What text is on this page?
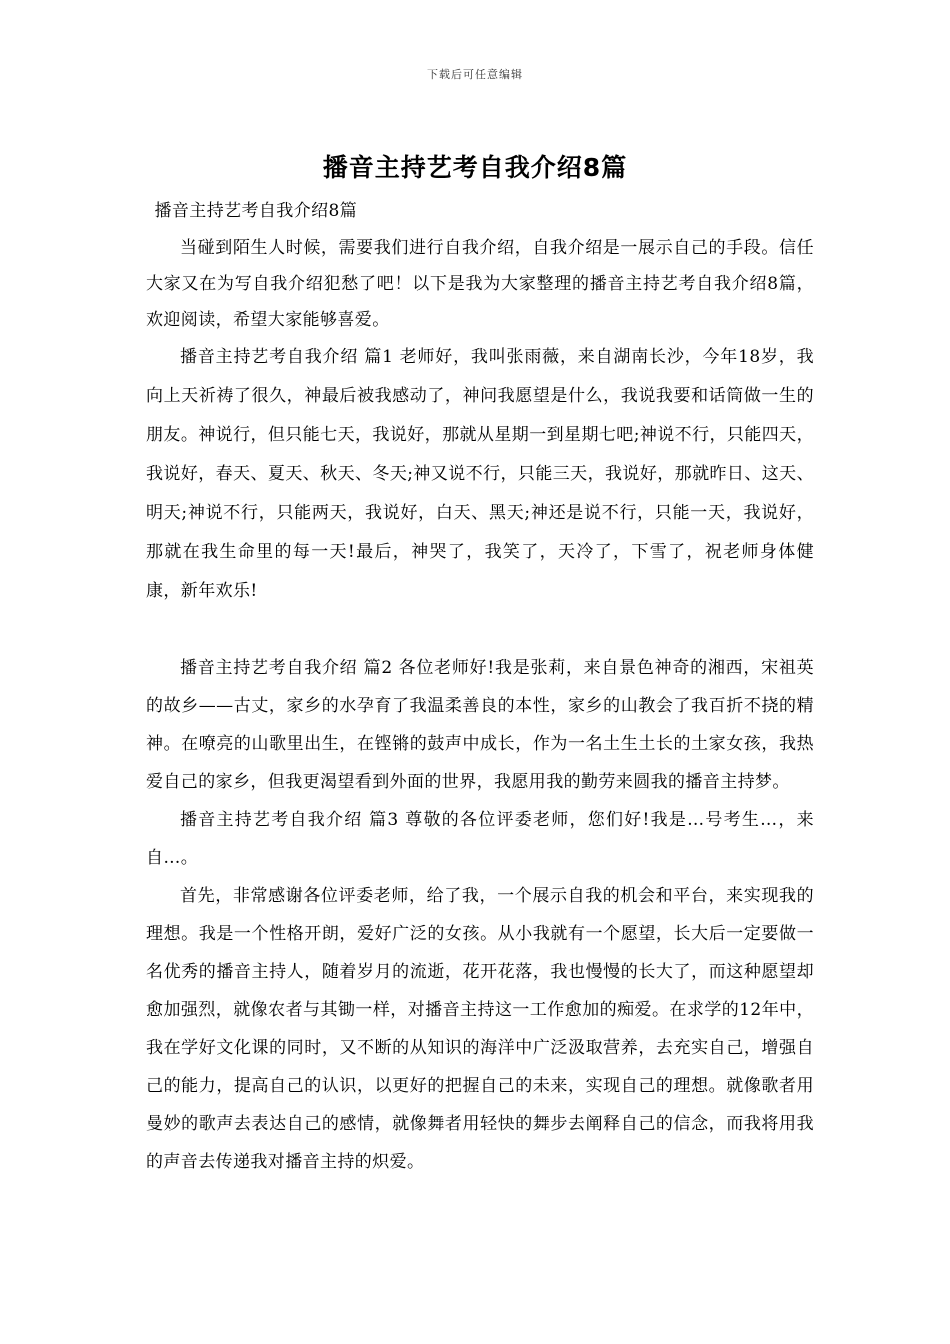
下载后可任意编辑
播音主持艺考自我介绍8篇

播音主持艺考自我介绍8篇

当碰到陌生人时候，需要我们进行自我介绍，自我介绍是一展示自己的手段。信任大家又在为写自我介绍犯愁了吧！以下是我为大家整理的播音主持艺考自我介绍8篇，欢迎阅读，希望大家能够喜爱。

播音主持艺考自我介绍 篇1 老师好，我叫张雨薇，来自湖南长沙，今年18岁，我向上天祈祷了很久，神最后被我感动了，神问我愿望是什么，我说我要和话筒做一生的朋友。神说行，但只能七天，我说好，那就从星期一到星期七吧;神说不行，只能四天，我说好，春天、夏天、秋天、冬天;神又说不行，只能三天，我说好，那就昨日、这天、明天;神说不行，只能两天，我说好，白天、黑天;神还是说不行，只能一天，我说好，那就在我生命里的每一天!最后，神哭了，我笑了，天冷了，下雪了，祝老师身体健康，新年欢乐!

播音主持艺考自我介绍 篇2 各位老师好!我是张莉，来自景色神奇的湘西，宋祖英的故乡——古丈，家乡的水孕育了我温柔善良的本性，家乡的山教会了我百折不挠的精神。在嘹亮的山歌里出生，在铿锵的鼓声中成长，作为一名土生土长的土家女孩，我热爱自己的家乡，但我更渴望看到外面的世界，我愿用我的勤劳来圆我的播音主持梦。

播音主持艺考自我介绍 篇3 尊敬的各位评委老师，您们好!我是…号考生…，来自…。

首先，非常感谢各位评委老师，给了我，一个展示自我的机会和平台，来实现我的理想。我是一个性格开朗，爱好广泛的女孩。从小我就有一个愿望，长大后一定要做一名优秀的播音主持人，随着岁月的流逝，花开花落，我也慢慢的长大了，而这种愿望却愈加强烈，就像农者与其锄一样，对播音主持这一工作愈加的痴爱。在求学的12年中，我在学好文化课的同时，又不断的从知识的海洋中广泛汲取营养，去充实自己，增强自己的能力，提高自己的认识，以更好的把握自己的未来，实现自己的理想。就像歌者用曼妙的歌声去表达自己的感情，就像舞者用轻快的舞步去阐释自己的信念，而我将用我的声音去传递我对播音主持的炽爱。
